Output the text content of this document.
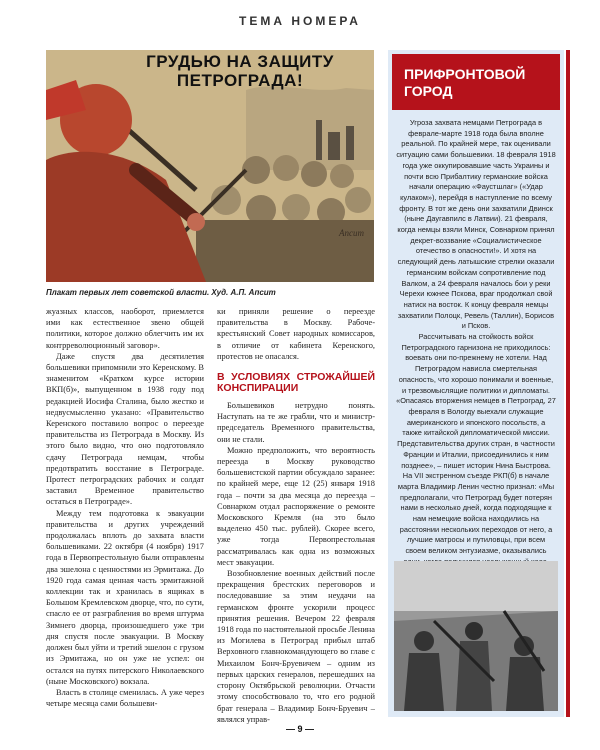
ТЕМА НОМЕРА
ГРУДЬЮ НА ЗАЩИТУ
ПЕТРОГРАДА!
Апсит
Плакат первых лет советской власти. Худ. А.П. Апсит

жуазных классов, наоборот, приемлется ими как естественное звено общей политики, которое должно облегчить им их контрреволюционный заговор».

Даже спустя два десятилетия большевики припомнили это Керенскому. В знаменитом «Кратком курсе истории ВКП(б)», выпущенном в 1938 году под редакцией Иосифа Сталина, было жестко и недвусмысленно указано: «Правительство Керенского поставило вопрос о переезде правительства из Петрограда в Москву. Из этого было видно, что оно подготовляло сдачу Петрограда немцам, чтобы предотвратить восстание в Петрограде. Протест петроградских рабочих и солдат заставил Временное правительство остаться в Петрограде».

Между тем подготовка к эвакуации правительства и других учреждений продолжалась вплоть до захвата власти большевиками. 22 октября (4 ноября) 1917 года в Первопрестольную были отправлены два эшелона с ценностями из Эрмитажа. До 1920 года самая ценная часть эрмитажной коллекции так и хранилась в ящиках в Большом Кремлевском дворце, что, по сути, спасло ее от разграбления во время штурма Зимнего дворца, произошедшего уже три дня спустя после эвакуации. В Москву должен был уйти и третий эшелон с грузом из Эрмитажа, но он уже не успел: он остался на путях питерского Николаевского (ныне Московского) вокзала.

Власть в столице сменилась. А уже через четыре месяца сами большеви-

ки приняли решение о переезде правительства в Москву. Рабоче-крестьянский Совет народных комиссаров, в отличие от кабинета Керенского, протестов не опасался.

В УСЛОВИЯХ СТРОЖАЙШЕЙ КОНСПИРАЦИИ

Большевиков нетрудно понять. Наступать на те же грабли, что и министр-председатель Временного правительства, они не стали.

Можно предположить, что вероятность переезда в Москву руководство большевистской партии обсуждало заранее: по крайней мере, еще 12 (25) января 1918 года – почти за два месяца до переезда – Совнарком отдал распоряжение о ремонте Московского Кремля (на это было выделено 450 тыс. рублей). Скорее всего, уже тогда Первопрестольная рассматривалась как одна из возможных мест эвакуации.

Возобновление военных действий после прекращения брестских переговоров и последовавшие за этим неудачи на германском фронте ускорили процесс принятия решения. Вечером 22 февраля 1918 года по настоятельной просьбе Ленина из Могилева в Петроград прибыл штаб Верховного главнокомандующего во главе с Михаилом Бонч-Бруевичем – одним из первых царских генералов, перешедших на сторону Октябрьской революции. Отчасти этому способствовало то, что его родной брат генерала – Владимир Бонч-Бруевич – являлся управ-

ПРИФРОНТОВОЙ ГОРОД

Угроза захвата немцами Петрограда в феврале-марте 1918 года была вполне реальной. По крайней мере, так оценивали ситуацию сами большевики. 18 февраля 1918 года уже оккупировавшие часть Украины и почти всю Прибалтику германские войска начали операцию «Фаустшлаг» («Удар кулаком»), перейдя в наступление по всему фронту. В тот же день они захватили Двинск (ныне Даугавпилс в Латвии). 21 февраля, когда немцы взяли Минск, Совнарком принял декрет-воззвание «Социалистическое отечество в опасности!». И хотя на следующий день латышские стрелки оказали германским войскам сопротивление под Валком, а 24 февраля началось бои у реки Черехи южнее Пскова, враг продолжал свой натиск на восток. К концу февраля немцы захватили Полоцк, Ревель (Таллин), Борисов и Псков.

Рассчитывать на стойкость войск Петроградского гарнизона не приходилось: воевать они по-прежнему не хотели. Над Петроградом нависла смертельная опасность, что хорошо понимали и военные, и трезвомыслящие политики и дипломаты. «Опасаясь вторжения немцев в Петроград, 27 февраля в Вологду выехали служащие американского и японского посольств, а также китайской дипломатической миссии. Представительства других стран, в частности Франции и Италии, присоединились к ним позднее», – пишет историк Нина Быстрова. На VII экстренном съезде РКП(б) в начале марта Владимир Ленин честно признал: «Мы предполагали, что Петроград будет потерян нами в несколько дней, когда подходящие к нам немецкие войска находились на расстоянии нескольких переходов от него, а лучшие матросы и путиловцы, при всем своем великом энтузиазме, оказывались

— 9 —
